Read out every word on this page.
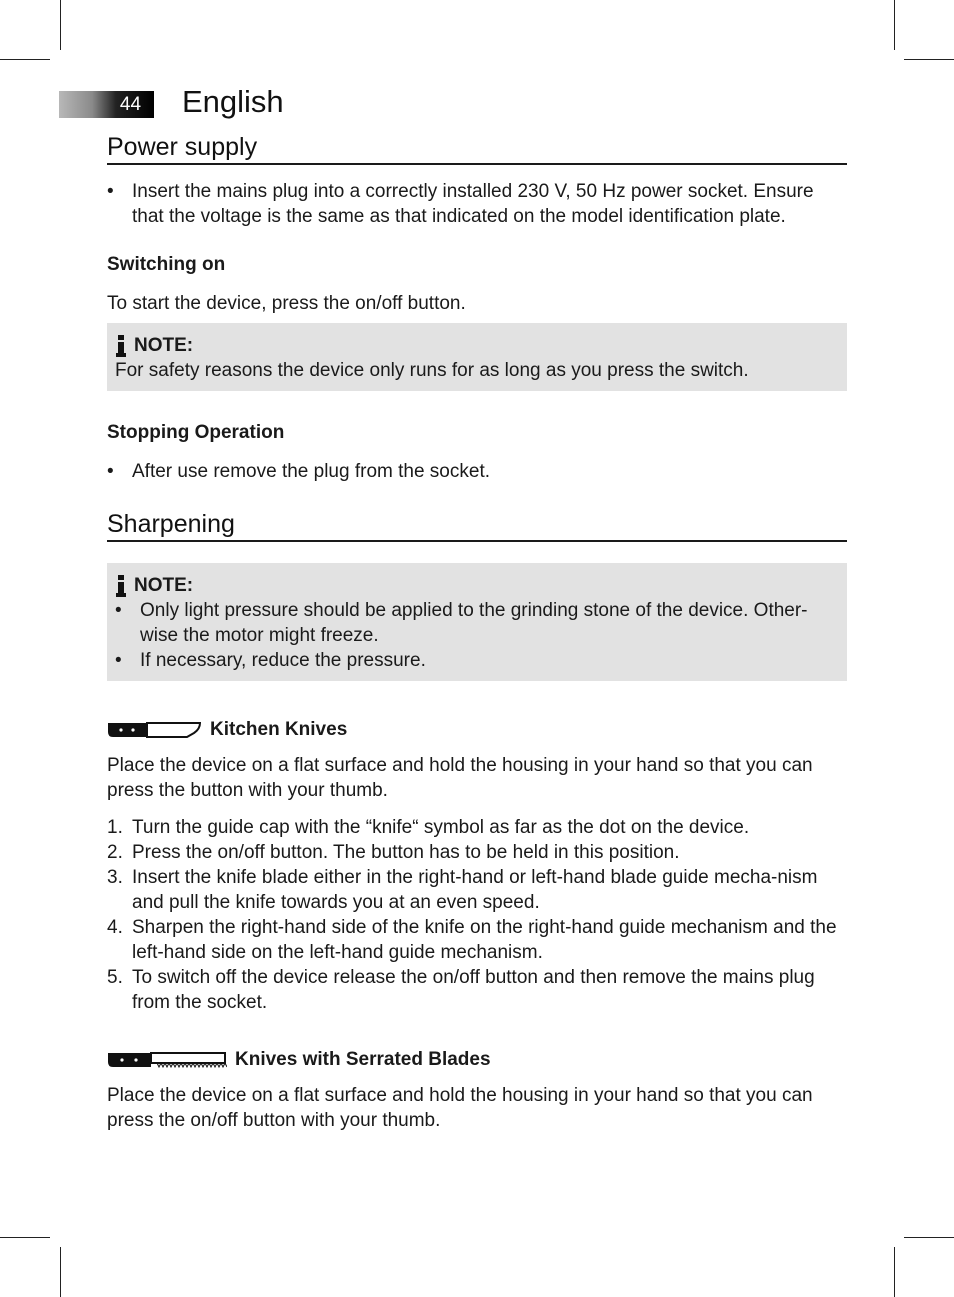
44	English
Power supply
• Insert the mains plug into a correctly installed 230 V, 50 Hz power socket. Ensure that the voltage is the same as that indicated on the model identification plate.
Switching on
To start the device, press the on/off button.
NOTE:
For safety reasons the device only runs for as long as you press the switch.
Stopping Operation
• After use remove the plug from the socket.
Sharpening
NOTE:
• Only light pressure should be applied to the grinding stone of the device. Other-wise the motor might freeze.
• If necessary, reduce the pressure.
Kitchen Knives
Place the device on a flat surface and hold the housing in your hand so that you can press the button with your thumb.
1. Turn the guide cap with the “knife“ symbol as far as the dot on the device.
2. Press the on/off button. The button has to be held in this position.
3. Insert the knife blade either in the right-hand or left-hand blade guide mecha-nism and pull the knife towards you at an even speed.
4. Sharpen the right-hand side of the knife on the right-hand guide mechanism and the left-hand side on the left-hand guide mechanism.
5. To switch off the device release the on/off button and then remove the mains plug from the socket.
Knives with Serrated Blades
Place the device on a flat surface and hold the housing in your hand so that you can press the on/off button with your thumb.
